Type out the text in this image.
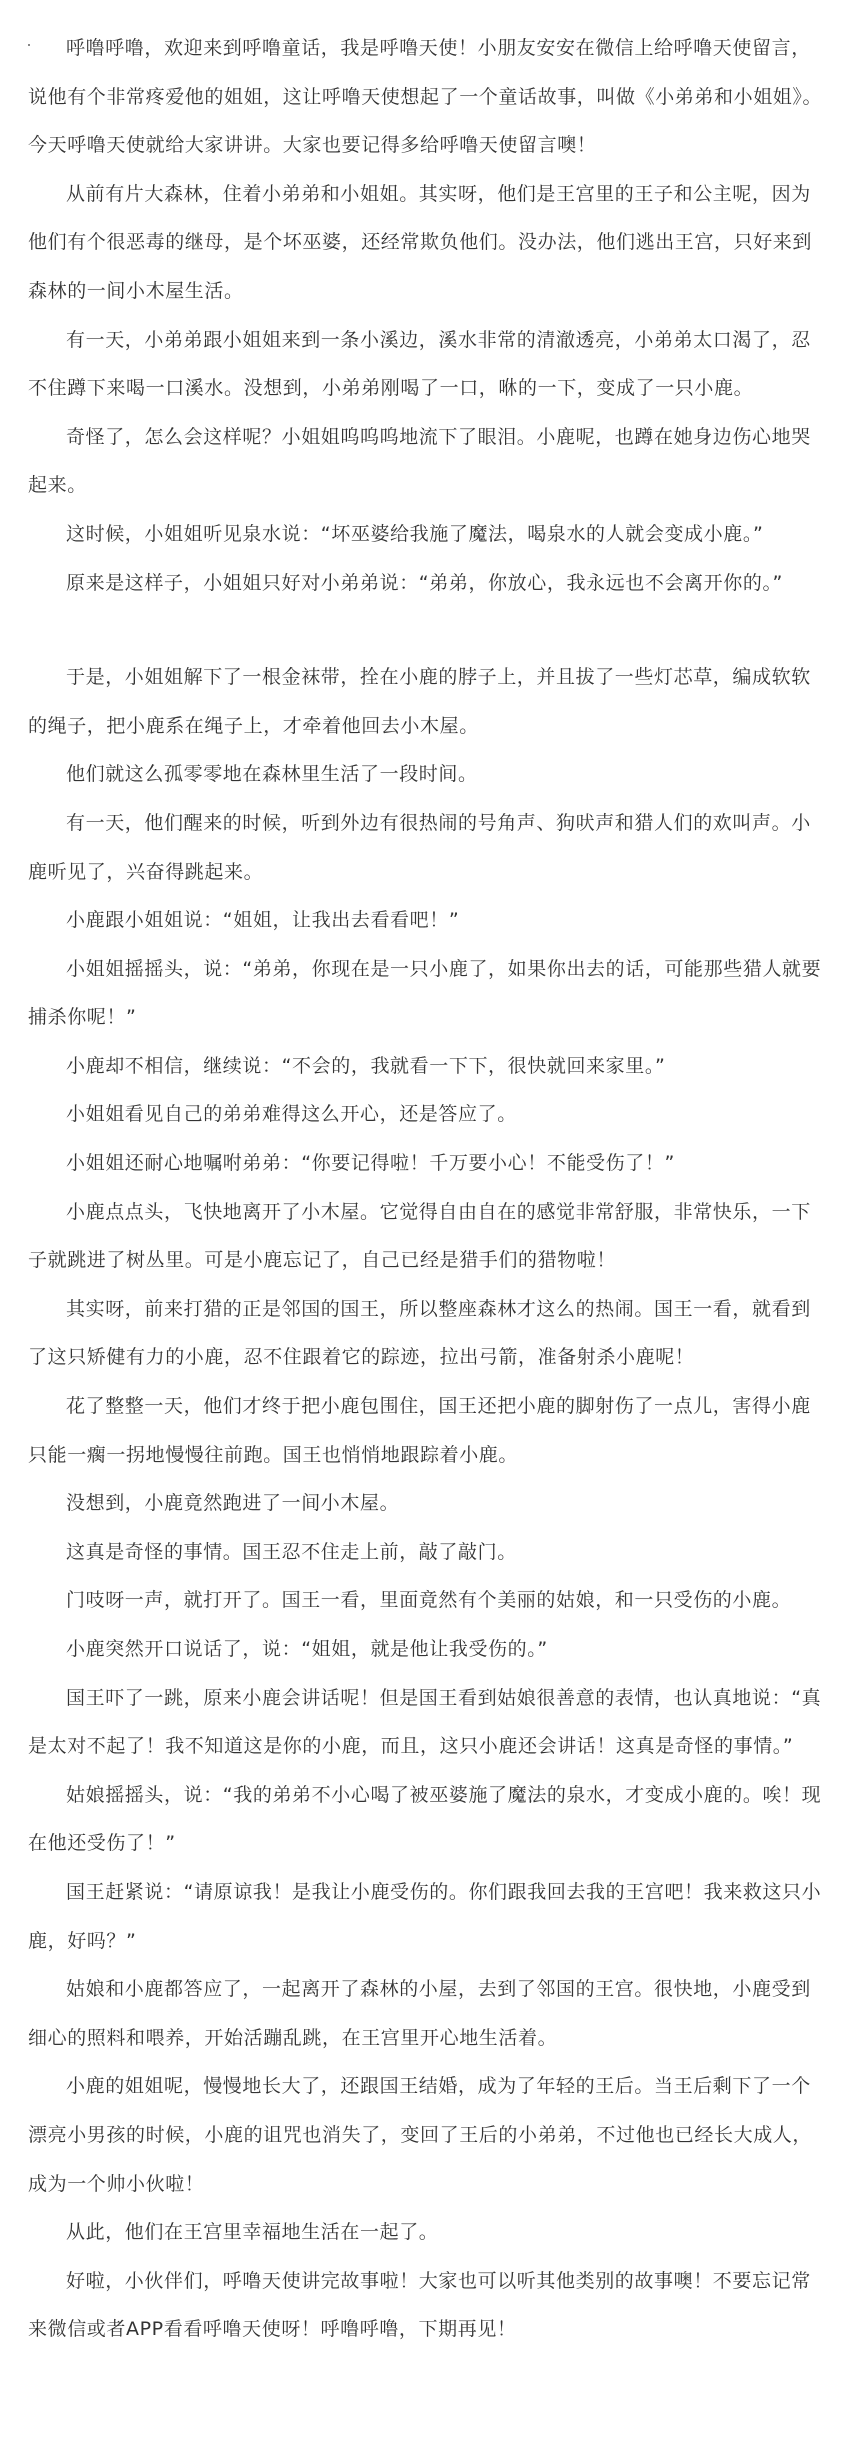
呼噜呼噜，欢迎来到呼噜童话，我是呼噜天使！小朋友安安在微信上给呼噜天使留言，说他有个非常疼爱他的姐姐，这让呼噜天使想起了一个童话故事，叫做《小弟弟和小姐姐》。今天呼噜天使就给大家讲讲。大家也要记得多给呼噜天使留言噢！

从前有片大森林，住着小弟弟和小姐姐。其实呀，他们是王宫里的王子和公主呢，因为他们有个很恶毒的继母，是个坏巫婆，还经常欺负他们。没办法，他们逃出王宫，只好来到森林的一间小木屋生活。

有一天，小弟弟跟小姐姐来到一条小溪边，溪水非常的清澈透亮，小弟弟太口渴了，忍不住蹲下来喝一口溪水。没想到，小弟弟刚喝了一口，咻的一下，变成了一只小鹿。

奇怪了，怎么会这样呢？小姐姐呜呜呜地流下了眼泪。小鹿呢，也蹲在她身边伤心地哭起来。

这时候，小姐姐听见泉水说：“坏巫婆给我施了魔法，喝泉水的人就会变成小鹿。”

原来是这样子，小姐姐只好对小弟弟说：“弟弟，你放心，我永远也不会离开你的。”

于是，小姐姐解下了一根金袜带，拴在小鹿的脖子上，并且拔了一些灯芯草，编成软软的绳子，把小鹿系在绳子上，才牵着他回去小木屋。

他们就这么孤零零地在森林里生活了一段时间。

有一天，他们醒来的时候，听到外边有很热闹的号角声、狗吠声和猎人们的欢叫声。小鹿听见了，兴奋得跳起来。

小鹿跟小姐姐说：“姐姐，让我出去看看吧！”

小姐姐摇摇头，说：“弟弟，你现在是一只小鹿了，如果你出去的话，可能那些猎人就要捕杀你呢！”

小鹿却不相信，继续说：“不会的，我就看一下下，很快就回来家里。”

小姐姐看见自己的弟弟难得这么开心，还是答应了。

小姐姐还耐心地嘱咐弟弟：“你要记得啦！千万要小心！不能受伤了！”

小鹿点点头，飞快地离开了小木屋。它觉得自由自在的感觉非常舒服，非常快乐，一下子就跳进了树丛里。可是小鹿忘记了，自己已经是猎手们的猎物啦！

其实呀，前来打猎的正是邻国的国王，所以整座森林才这么的热闹。国王一看，就看到了这只矫健有力的小鹿，忍不住跟着它的踪迹，拉出弓箭，准备射杀小鹿呢！

花了整整一天，他们才终于把小鹿包围住，国王还把小鹿的脚射伤了一点儿，害得小鹿只能一瘸一拐地慢慢往前跑。国王也悄悄地跟踪着小鹿。

没想到，小鹿竟然跑进了一间小木屋。

这真是奇怪的事情。国王忍不住走上前，敲了敲门。

门吱呀一声，就打开了。国王一看，里面竟然有个美丽的姑娘，和一只受伤的小鹿。

小鹿突然开口说话了，说：“姐姐，就是他让我受伤的。”

国王吓了一跳，原来小鹿会讲话呢！但是国王看到姑娘很善意的表情，也认真地说：“真是太对不起了！我不知道这是你的小鹿，而且，这只小鹿还会讲话！这真是奇怪的事情。”

姑娘摇摇头，说：“我的弟弟不小心喝了被巫婆施了魔法的泉水，才变成小鹿的。唉！现在他还受伤了！”

国王赶紧说：“请原谅我！是我让小鹿受伤的。你们跟我回去我的王宫吧！我来救这只小鹿，好吗？”

姑娘和小鹿都答应了，一起离开了森林的小屋，去到了邻国的王宫。很快地，小鹿受到细心的照料和喂养，开始活蹦乱跳，在王宫里开心地生活着。

小鹿的姐姐呢，慢慢地长大了，还跟国王结婚，成为了年轻的王后。当王后剩下了一个漂亮小男孩的时候，小鹿的诅咒也消失了，变回了王后的小弟弟，不过他也已经长大成人，成为一个帅小伙啦！

从此，他们在王宫里幸福地生活在一起了。

好啦，小伙伴们，呼噜天使讲完故事啦！大家也可以听其他类别的故事噢！不要忘记常来微信或者APP看看呼噜天使呀！呼噜呼噜，下期再见！
